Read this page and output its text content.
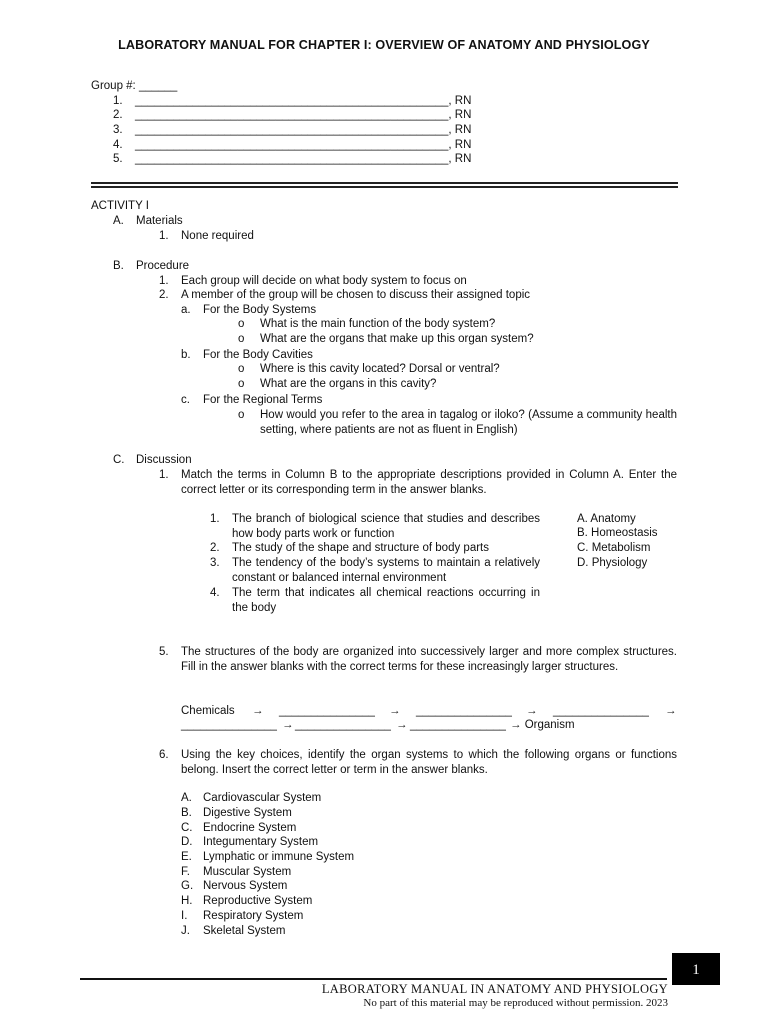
LABORATORY MANUAL FOR CHAPTER I: OVERVIEW OF ANATOMY AND PHYSIOLOGY
Group #: ______
1. _________________________________________________, RN
2. _________________________________________________, RN
3. _________________________________________________, RN
4. _________________________________________________, RN
5. _________________________________________________, RN
ACTIVITY I
A. Materials
1. None required
B. Procedure
1. Each group will decide on what body system to focus on
2. A member of the group will be chosen to discuss their assigned topic
a. For the Body Systems
o What is the main function of the body system?
o What are the organs that make up this organ system?
b. For the Body Cavities
o Where is this cavity located? Dorsal or ventral?
o What are the organs in this cavity?
c. For the Regional Terms
o How would you refer to the area in tagalog or iloko? (Assume a community health setting, where patients are not as fluent in English)
C. Discussion
1. Match the terms in Column B to the appropriate descriptions provided in Column A. Enter the correct letter or its corresponding term in the answer blanks.
1. The branch of biological science that studies and describes how body parts work or function
2. The study of the shape and structure of body parts
3. The tendency of the body’s systems to maintain a relatively constant or balanced internal environment
4. The term that indicates all chemical reactions occurring in the body
A. Anatomy
B. Homeostasis
C. Metabolism
D. Physiology
5. The structures of the body are organized into successively larger and more complex structures. Fill in the answer blanks with the correct terms for these increasingly larger structures.
Chemicals → _______________ → _______________ → _______________ →
_______________ → _______________ → _______________ → Organism
6. Using the key choices, identify the organ systems to which the following organs or functions belong. Insert the correct letter or term in the answer blanks.
A. Cardiovascular System
B. Digestive System
C. Endocrine System
D. Integumentary System
E. Lymphatic or immune System
F. Muscular System
G. Nervous System
H. Reproductive System
I. Respiratory System
J. Skeletal System
1
LABORATORY MANUAL IN ANATOMY AND PHYSIOLOGY
No part of this material may be reproduced without permission. 2023
